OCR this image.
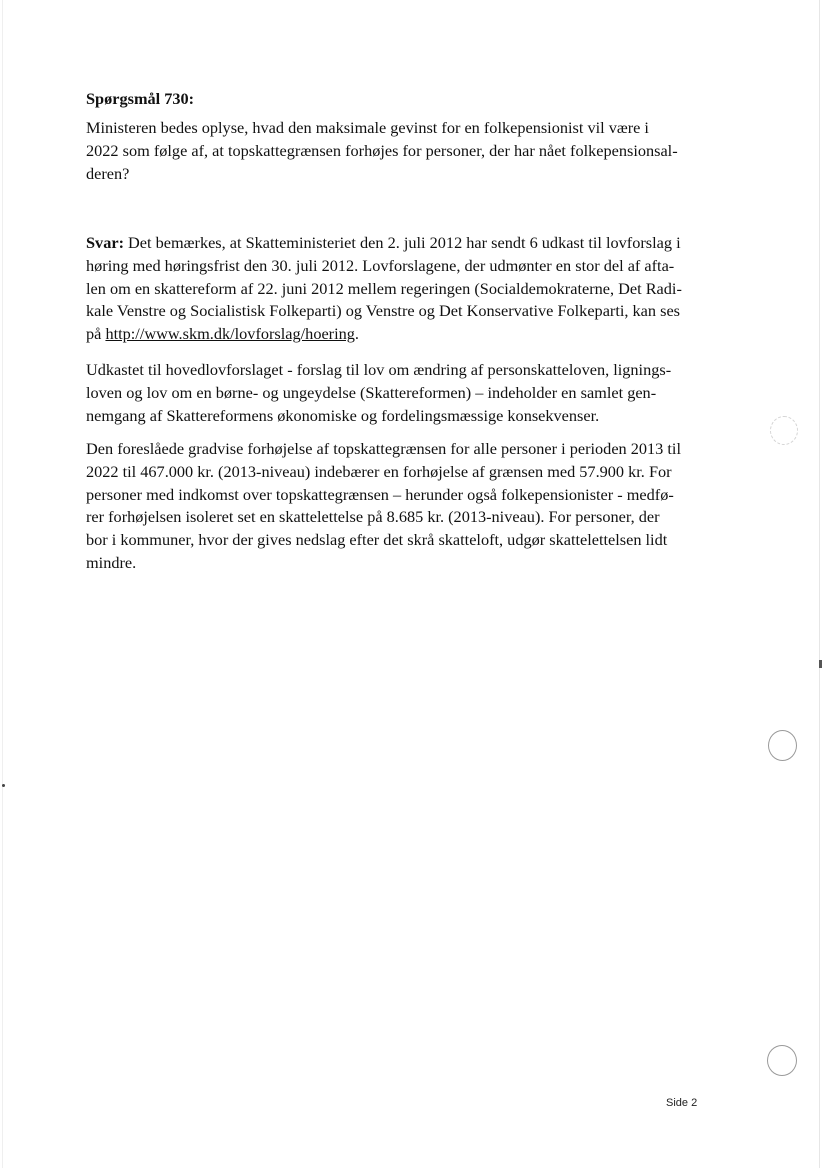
Spørgsmål 730:
Ministeren bedes oplyse, hvad den maksimale gevinst for en folkepensionist vil være i
2022 som følge af, at topskattegrænsen forhøjes for personer, der har nået folkepensionsal-
deren?
Svar: Det bemærkes, at Skatteministeriet den 2. juli 2012 har sendt 6 udkast til lovforslag i
høring med høringsfrist den 30. juli 2012. Lovforslagene, der udmønter en stor del af afta-
len om en skattereform af 22. juni 2012 mellem regeringen (Socialdemokraterne, Det Radi-
kale Venstre og Socialistisk Folkeparti) og Venstre og Det Konservative Folkeparti, kan ses
på http://www.skm.dk/lovforslag/hoering.
Udkastet til hovedlovforslaget - forslag til lov om ændring af personskatteloven, lignings-
loven og lov om en børne- og ungeydelse (Skattereformen) – indeholder en samlet gen-
nemgang af Skattereformens økonomiske og fordelingsmæssige konsekvenser.
Den foreslåede gradvise forhøjelse af topskattegrænsen for alle personer i perioden 2013 til
2022 til 467.000 kr. (2013-niveau) indebærer en forhøjelse af grænsen med 57.900 kr. For
personer med indkomst over topskattegrænsen – herunder også folkepensionister - medfø-
rer forhøjelsen isoleret set en skattelettelse på 8.685 kr. (2013-niveau). For personer, der
bor i kommuner, hvor der gives nedslag efter det skrå skatteloft, udgør skattelettelsen lidt
mindre.
Side 2
